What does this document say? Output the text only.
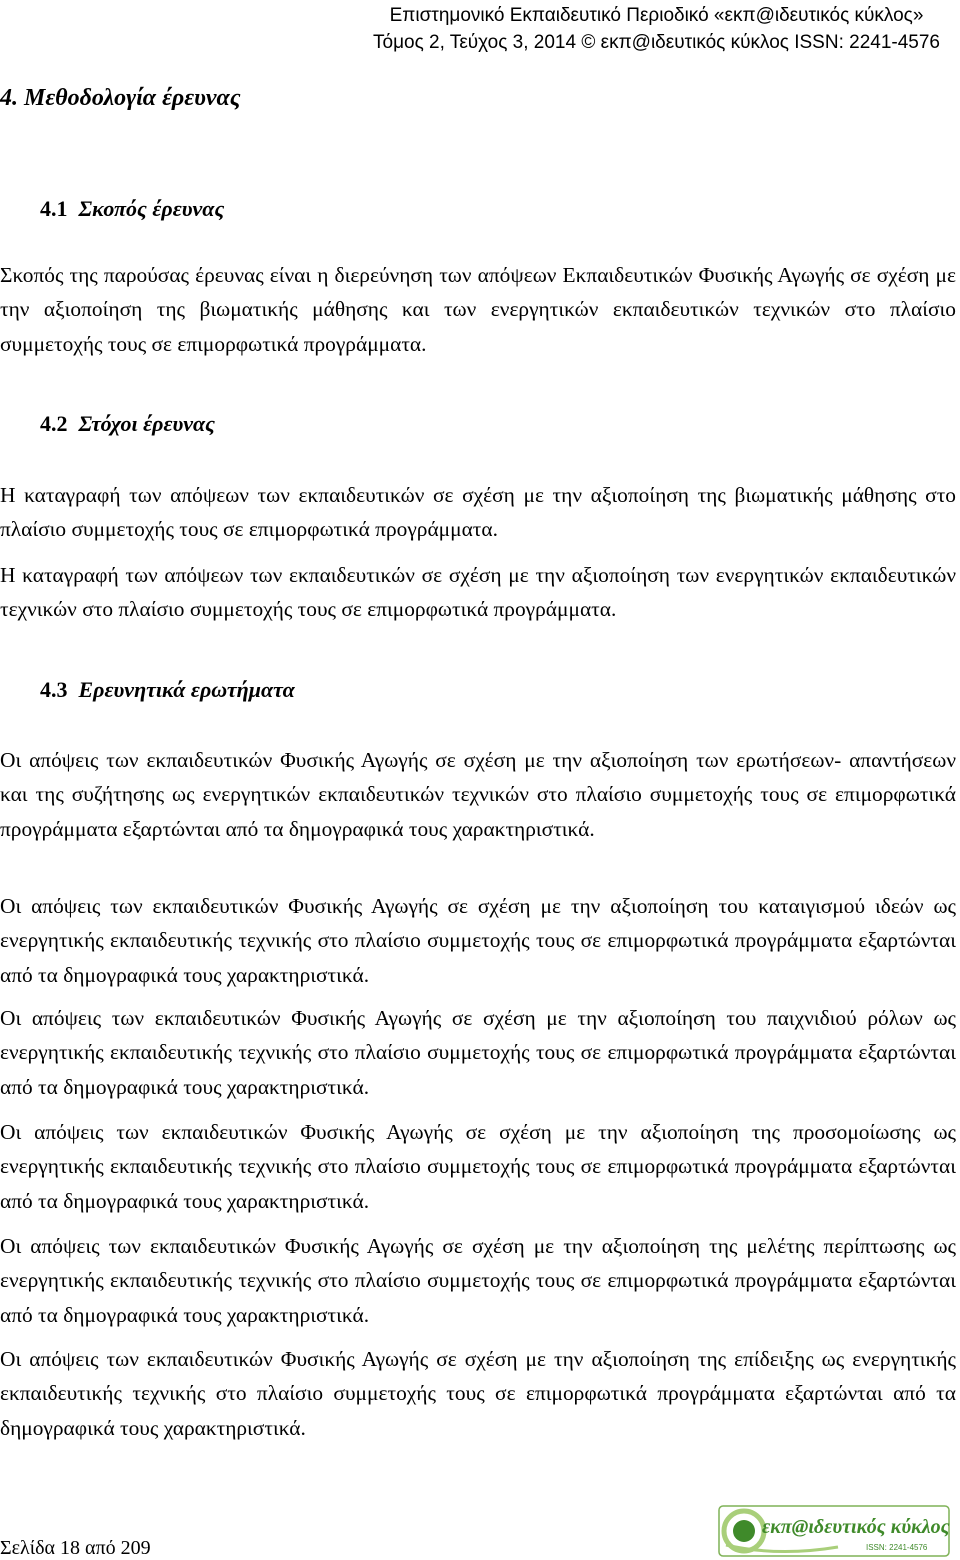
Επιστημονικό Εκπαιδευτικό Περιοδικό «εκπ@ιδευτικός κύκλος»
Τόμος 2, Τεύχος 3, 2014 © εκπ@ιδευτικός κύκλος ISSN: 2241-4576
4. Μεθοδολογία έρευνας
4.1 Σκοπός έρευνας
Σκοπός της παρούσας έρευνας είναι η διερεύνηση των απόψεων Εκπαιδευτικών Φυσικής Αγωγής σε σχέση με την αξιοποίηση της βιωματικής μάθησης και των ενεργητικών εκπαιδευτικών τεχνικών στο πλαίσιο συμμετοχής τους σε επιμορφωτικά προγράμματα.
4.2 Στόχοι έρευνας
Η καταγραφή των απόψεων των εκπαιδευτικών σε σχέση με την αξιοποίηση της βιωματικής μάθησης στο πλαίσιο συμμετοχής τους σε επιμορφωτικά προγράμματα.
Η καταγραφή των απόψεων των εκπαιδευτικών σε σχέση με την αξιοποίηση των ενεργητικών εκπαιδευτικών τεχνικών στο πλαίσιο συμμετοχής τους σε επιμορφωτικά προγράμματα.
4.3 Ερευνητικά ερωτήματα
Οι απόψεις των εκπαιδευτικών Φυσικής Αγωγής σε σχέση με την αξιοποίηση των ερωτήσεων- απαντήσεων και της συζήτησης ως ενεργητικών εκπαιδευτικών τεχνικών στο πλαίσιο συμμετοχής τους σε επιμορφωτικά προγράμματα εξαρτώνται από τα δημογραφικά τους χαρακτηριστικά.
Οι απόψεις των εκπαιδευτικών Φυσικής Αγωγής σε σχέση με την αξιοποίηση του καταιγισμού ιδεών ως ενεργητικής εκπαιδευτικής τεχνικής στο πλαίσιο συμμετοχής τους σε επιμορφωτικά προγράμματα εξαρτώνται από τα δημογραφικά τους χαρακτηριστικά.
Οι απόψεις των εκπαιδευτικών Φυσικής Αγωγής σε σχέση με την αξιοποίηση του παιχνιδιού ρόλων ως ενεργητικής εκπαιδευτικής τεχνικής στο πλαίσιο συμμετοχής τους σε επιμορφωτικά προγράμματα εξαρτώνται από τα δημογραφικά τους χαρακτηριστικά.
Οι απόψεις των εκπαιδευτικών Φυσικής Αγωγής σε σχέση με την αξιοποίηση της προσομοίωσης ως ενεργητικής εκπαιδευτικής τεχνικής στο πλαίσιο συμμετοχής τους σε επιμορφωτικά προγράμματα εξαρτώνται από τα δημογραφικά τους χαρακτηριστικά.
Οι απόψεις των εκπαιδευτικών Φυσικής Αγωγής σε σχέση με την αξιοποίηση της μελέτης περίπτωσης ως ενεργητικής εκπαιδευτικής τεχνικής στο πλαίσιο συμμετοχής τους σε επιμορφωτικά προγράμματα εξαρτώνται από τα δημογραφικά τους χαρακτηριστικά.
Οι απόψεις των εκπαιδευτικών Φυσικής Αγωγής σε σχέση με την αξιοποίηση της επίδειξης ως ενεργητικής εκπαιδευτικής τεχνικής στο πλαίσιο συμμετοχής τους σε επιμορφωτικά προγράμματα εξαρτώνται από τα δημογραφικά τους χαρακτηριστικά.
Σελίδα 18 από 209
εκπ@ιδευτικός κύκλος
ISSN: 2241-4576
